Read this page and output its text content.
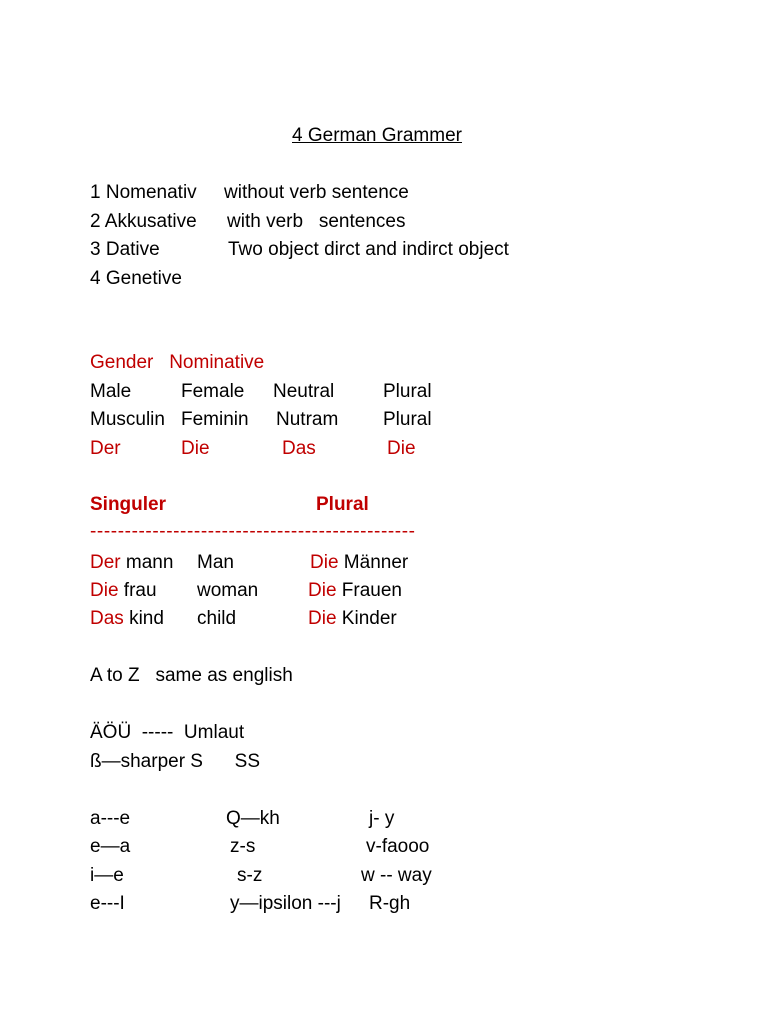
4 German Grammer
1 Nomenativ without verb sentence
2 Akkusative with verb   sentences
3 Dative	Two object dirct and indirct object
4 Genetive
Gender   Nominative
Male	Female Neutral	Plural
Musculin Feminin Nutram Plural
Der	Die	Das	Die
Singuler	Plural
-----------------------------------------------
Der mann Man	Die Männer
Die frau woman	Die Frauen
Das kind child	Die Kinder
A to Z   same as english
ÄÖÜ  -----  Umlaut
ß—sharper S      SS
a---e	Q—kh	j- y
e—a	z-s	v-faooo
i—e	s-z	w -- way
e---I	y—ipsilon ---j R-gh
